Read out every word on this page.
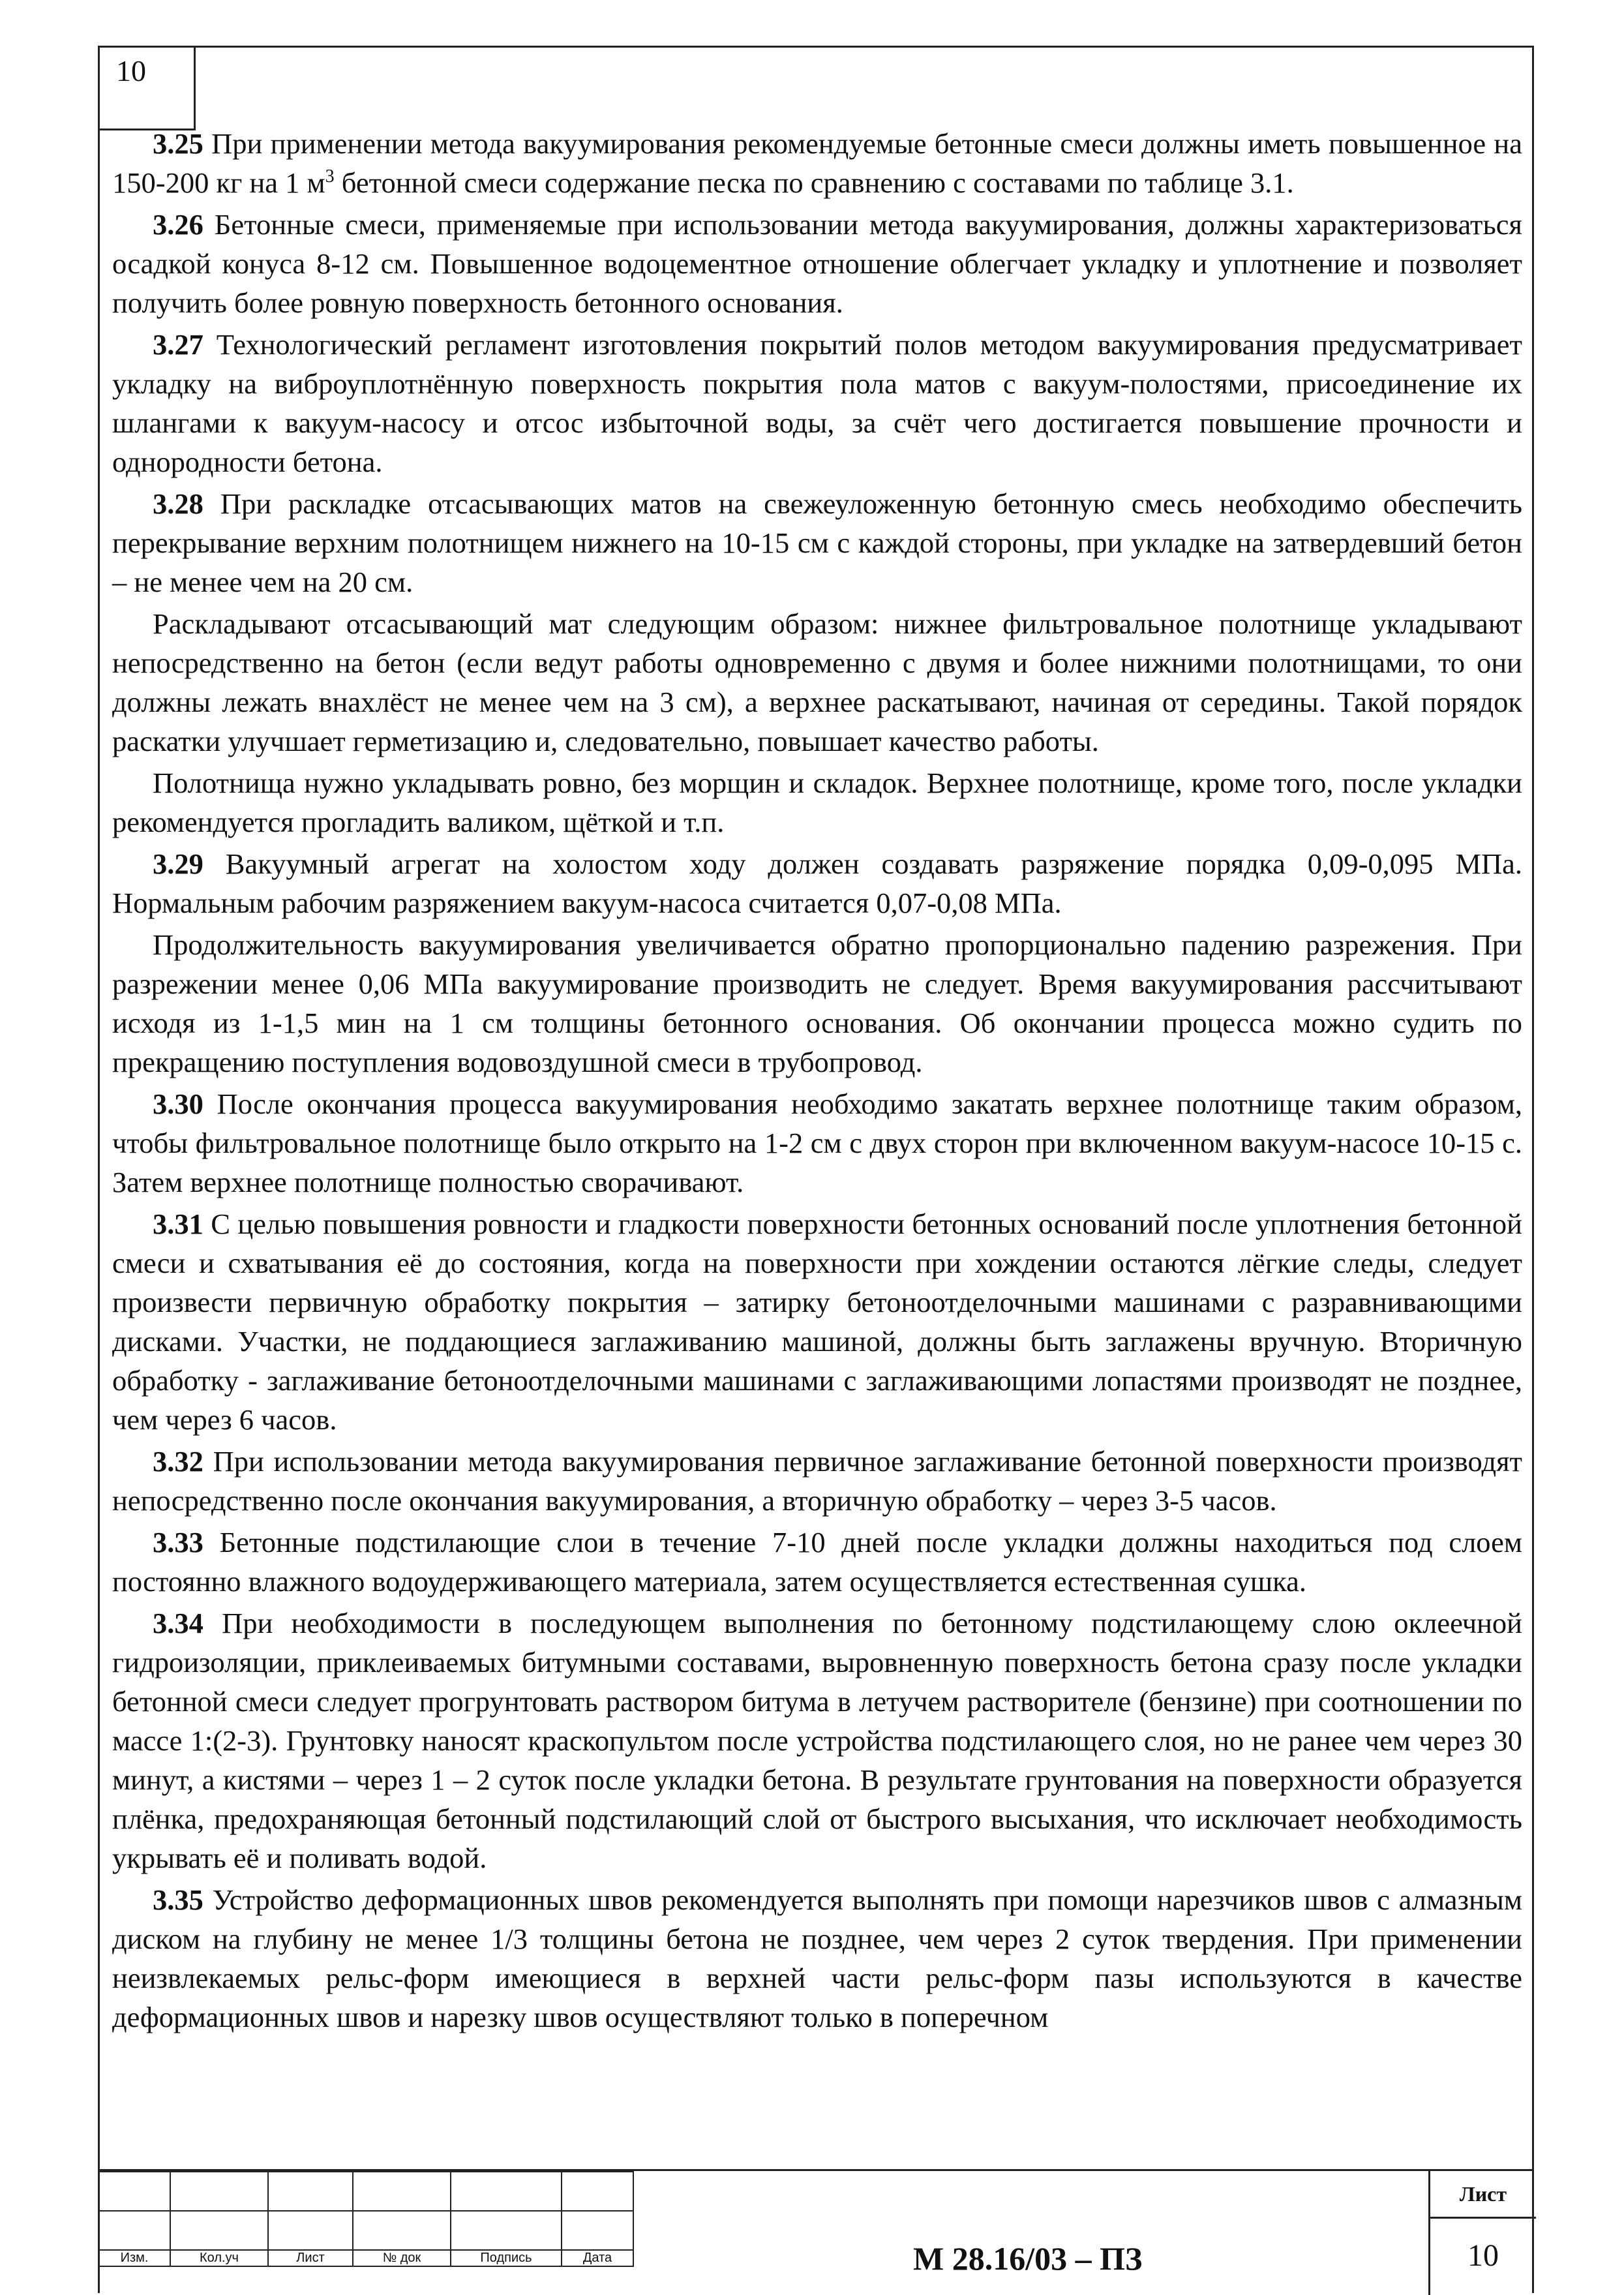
10

3.25 При применении метода вакуумирования рекомендуемые бетонные смеси должны иметь повышенное на 150-200 кг на 1 $м^3$ бетонной смеси содержание песка по сравнению с составами по таблице 3.1.

3.26 Бетонные смеси, применяемые при использовании метода вакуумирования, должны характеризоваться осадкой конуса 8-12 см. Повышенное водоцементное отношение облегчает укладку и уплотнение и позволяет получить более ровную поверхность бетонного основания.

3.27 Технологический регламент изготовления покрытий полов методом вакуумирования предусматривает укладку на виброуплотнённую поверхность покрытия пола матов с вакуум-полостями, присоединение их шлангами к вакуум-насосу и отсос избыточной воды, за счёт чего достигается повышение прочности и однородности бетона.

3.28 При раскладке отсасывающих матов на свежеуложенную бетонную смесь необходимо обеспечить перекрывание верхним полотнищем нижнего на 10-15 см с каждой стороны, при укладке на затвердевший бетон – не менее чем на 20 см.

Раскладывают отсасывающий мат следующим образом: нижнее фильтровальное полотнище укладывают непосредственно на бетон (если ведут работы одновременно с двумя и более нижними полотнищами, то они должны лежать внахлёст не менее чем на 3 см), а верхнее раскатывают, начиная от середины. Такой порядок раскатки улучшает герметизацию и, следовательно, повышает качество работы.

Полотнища нужно укладывать ровно, без морщин и складок. Верхнее полотнище, кроме того, после укладки рекомендуется прогладить валиком, щёткой и т.п.

3.29 Вакуумный агрегат на холостом ходу должен создавать разряжение порядка 0,09-0,095 МПа. Нормальным рабочим разряжением вакуум-насоса считается 0,07-0,08 МПа.

Продолжительность вакуумирования увеличивается обратно пропорционально падению разрежения. При разрежении менее 0,06 МПа вакуумирование производить не следует. Время вакуумирования рассчитывают исходя из 1-1,5 мин на 1 см толщины бетонного основания. Об окончании процесса можно судить по прекращению поступления водовоздушной смеси в трубопровод.

3.30 После окончания процесса вакуумирования необходимо закатать верхнее полотнище таким образом, чтобы фильтровальное полотнище было открыто на 1-2 см с двух сторон при включенном вакуум-насосе 10-15 с. Затем верхнее полотнище полностью сворачивают.

3.31 С целью повышения ровности и гладкости поверхности бетонных оснований после уплотнения бетонной смеси и схватывания её до состояния, когда на поверхности при хождении остаются лёгкие следы, следует произвести первичную обработку покрытия – затирку бетоноотделочными машинами с разравнивающими дисками. Участки, не поддающиеся заглаживанию машиной, должны быть заглажены вручную. Вторичную обработку - заглаживание бетоноотделочными машинами с заглаживающими лопастями производят не позднее, чем через 6 часов.

3.32 При использовании метода вакуумирования первичное заглаживание бетонной поверхности производят непосредственно после окончания вакуумирования, а вторичную обработку – через 3-5 часов.

3.33 Бетонные подстилающие слои в течение 7-10 дней после укладки должны находиться под слоем постоянно влажного водоудерживающего материала, затем осуществляется естественная сушка.

3.34 При необходимости в последующем выполнения по бетонному подстилающему слою оклеечной гидроизоляции, приклеиваемых битумными составами, выровненную поверхность бетона сразу после укладки бетонной смеси следует прогрунтовать раствором битума в летучем растворителе (бензине) при соотношении по массе 1:(2-3). Грунтовку наносят краскопультом после устройства подстилающего слоя, но не ранее чем через 30 минут, а кистями – через 1 – 2 суток после укладки бетона. В результате грунтования на поверхности образуется плёнка, предохраняющая бетонный подстилающий слой от быстрого высыхания, что исключает необходимость укрывать её и поливать водой.

3.35 Устройство деформационных швов рекомендуется выполнять при помощи нарезчиков швов с алмазным диском на глубину не менее 1/3 толщины бетона не позднее, чем через 2 суток твердения. При применении неизвлекаемых рельс-форм имеющиеся в верхней части рельс-форм пазы используются в качестве деформационных швов и нарезку швов осуществляют только в поперечном

Изм.	Кол.уч	Лист	№ док	Подпись	Дата	М 28.16/03 – ПЗ
Лист
10
